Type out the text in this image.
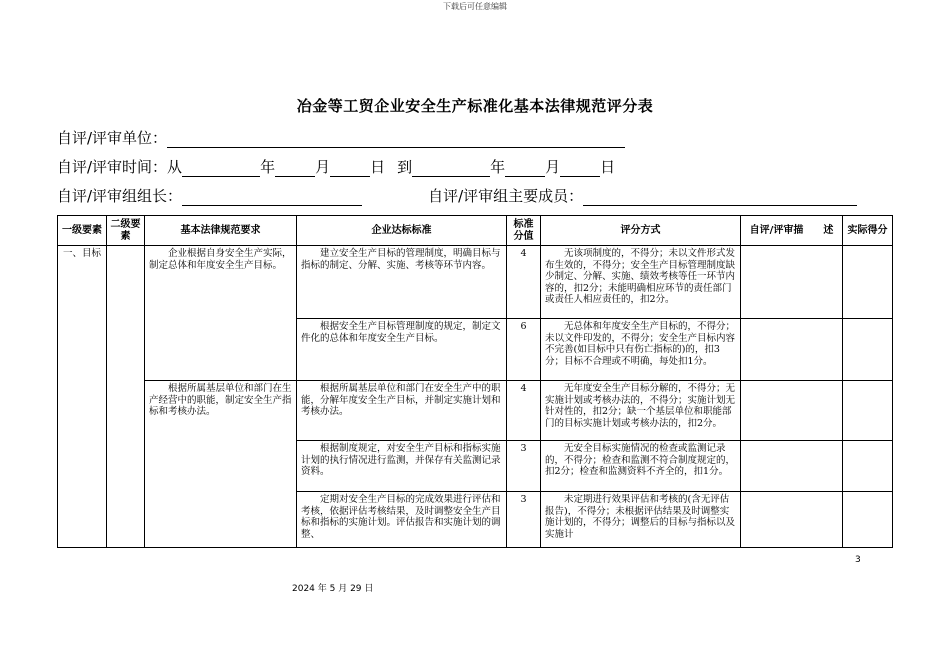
下载后可任意编辑
冶金等工贸企业安全生产标准化基本法律规范评分表
自评/评审单位：
自评/评审时间：从	年	月	日 到	年	月	日
自评/评审组组长：	自评/评审组主要成员：
一级要素	二级要素	基本法律规范要求	企业达标标准	标准分值	评分方式	自评/评审描　　述	实际得分
一、目标		企业根据自身安全生产实际，制定总体和年度安全生产目标。	建立安全生产目标的管理制度，明确目标与指标的制定、分解、实施、考核等环节内容。	4	无该项制度的，不得分；未以文件形式发布生效的，不得分；安全生产目标管理制度缺少制定、分解、实施、绩效考核等任一环节内容的，扣2分；未能明确相应环节的责任部门或责任人相应责任的，扣2分。		
			根据安全生产目标管理制度的规定，制定文件化的总体和年度安全生产目标。	6	无总体和年度安全生产目标的，不得分；未以文件印发的，不得分；安全生产目标内容不完善(如目标中只有伤亡指标的)的，扣3分；目标不合理或不明确，每处扣1分。		
		根据所属基层单位和部门在生产经营中的职能，制定安全生产指标和考核办法。	根据所属基层单位和部门在安全生产中的职能，分解年度安全生产目标，并制定实施计划和考核办法。	4	无年度安全生产目标分解的，不得分；无实施计划或考核办法的，不得分；实施计划无针对性的，扣2分；缺一个基层单位和职能部门的目标实施计划或考核办法的，扣2分。		
			根据制度规定，对安全生产目标和指标实施计划的执行情况进行监测，并保存有关监测记录资料。	3	无安全目标实施情况的检查或监测记录的，不得分；检查和监测不符合制度规定的，扣2分；检查和监测资料不齐全的，扣1分。		
			定期对安全生产目标的完成效果进行评估和考核，依据评估考核结果，及时调整安全生产目标和指标的实施计划。评估报告和实施计划的调整、	3	未定期进行效果评估和考核的(含无评估报告)，不得分；未根据评估结果及时调整实施计划的，不得分；调整后的目标与指标以及实施计		
3
2024 年 5 月 29 日
